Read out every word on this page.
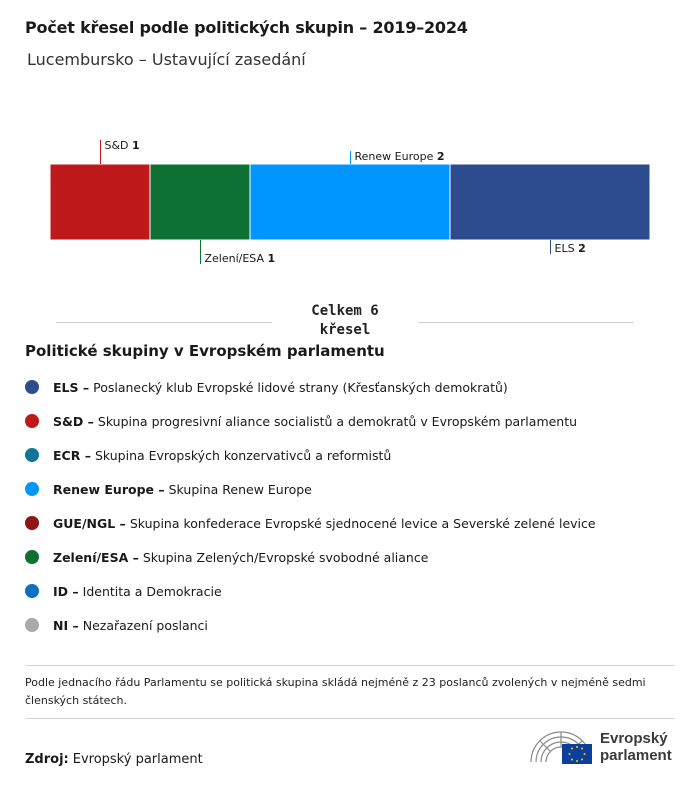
Počet křesel podle politických skupin – 2019–2024
Lucembursko – Ustavující zasedání
S&D 1
Zelení/ESA 1
Renew Europe 2
ELS 2
Celkem 6
křesel
Politické skupiny v Evropském parlamentu
ELS – Poslanecký klub Evropské lidové strany (Křesťanských demokratů)
S&D – Skupina progresivní aliance socialistů a demokratů v Evropském parlamentu
ECR – Skupina Evropských konzervativců a reformistů
Renew Europe – Skupina Renew Europe
GUE/NGL – Skupina konfederace Evropské sjednocené levice a Severské zelené levice
Zelení/ESA – Skupina Zelených/Evropské svobodné aliance
ID – Identita a Demokracie
NI – Nezařazení poslanci
Podle jednacího řádu Parlamentu se politická skupina skládá nejméně z 23 poslanců zvolených v nejméně sedmi členských státech.
Zdroj: Evropský parlament
Evropský
parlament
